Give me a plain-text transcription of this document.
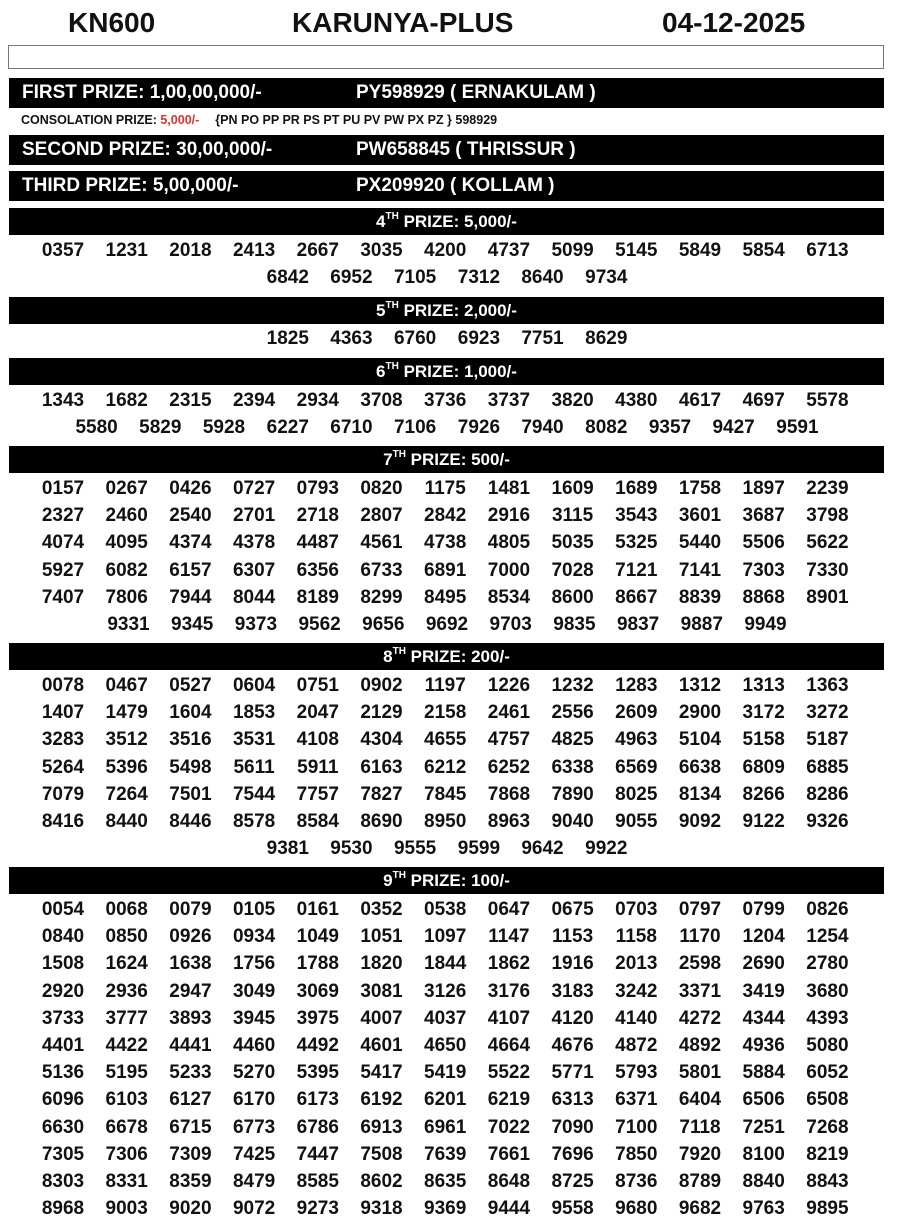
KN600	KARUNYA-PLUS	04-12-2025
FIRST PRIZE: 1,00,00,000/-	PY598929 ( ERNAKULAM )
CONSOLATION PRIZE: 5,000/- {PN PO PP PR PS PT PU PV PW PX PZ } 598929
SECOND PRIZE: 30,00,000/-	PW658845 ( THRISSUR )
THIRD PRIZE: 5,00,000/-	PX209920 ( KOLLAM )
4TH PRIZE: 5,000/-
0357	1231	2018	2413	2667	3035	4200	4737	5099	5145	5849	5854	6713
6842	6952	7105	7312	8640	9734
5TH PRIZE: 2,000/-
1825	4363	6760	6923	7751	8629
6TH PRIZE: 1,000/-
1343	1682	2315	2394	2934	3708	3736	3737	3820	4380	4617	4697	5578
5580	5829	5928	6227	6710	7106	7926	7940	8082	9357	9427	9591
7TH PRIZE: 500/-
0157	0267	0426	0727	0793	0820	1175	1481	1609	1689	1758	1897	2239
2327	2460	2540	2701	2718	2807	2842	2916	3115	3543	3601	3687	3798
4074	4095	4374	4378	4487	4561	4738	4805	5035	5325	5440	5506	5622
5927	6082	6157	6307	6356	6733	6891	7000	7028	7121	7141	7303	7330
7407	7806	7944	8044	8189	8299	8495	8534	8600	8667	8839	8868	8901
9331	9345	9373	9562	9656	9692	9703	9835	9837	9887	9949
8TH PRIZE: 200/-
0078	0467	0527	0604	0751	0902	1197	1226	1232	1283	1312	1313	1363
1407	1479	1604	1853	2047	2129	2158	2461	2556	2609	2900	3172	3272
3283	3512	3516	3531	4108	4304	4655	4757	4825	4963	5104	5158	5187
5264	5396	5498	5611	5911	6163	6212	6252	6338	6569	6638	6809	6885
7079	7264	7501	7544	7757	7827	7845	7868	7890	8025	8134	8266	8286
8416	8440	8446	8578	8584	8690	8950	8963	9040	9055	9092	9122	9326
9381	9530	9555	9599	9642	9922
9TH PRIZE: 100/-
0054	0068	0079	0105	0161	0352	0538	0647	0675	0703	0797	0799	0826
0840	0850	0926	0934	1049	1051	1097	1147	1153	1158	1170	1204	1254
1508	1624	1638	1756	1788	1820	1844	1862	1916	2013	2598	2690	2780
2920	2936	2947	3049	3069	3081	3126	3176	3183	3242	3371	3419	3680
3733	3777	3893	3945	3975	4007	4037	4107	4120	4140	4272	4344	4393
4401	4422	4441	4460	4492	4601	4650	4664	4676	4872	4892	4936	5080
5136	5195	5233	5270	5395	5417	5419	5522	5771	5793	5801	5884	6052
6096	6103	6127	6170	6173	6192	6201	6219	6313	6371	6404	6506	6508
6630	6678	6715	6773	6786	6913	6961	7022	7090	7100	7118	7251	7268
7305	7306	7309	7425	7447	7508	7639	7661	7696	7850	7920	8100	8219
8303	8331	8359	8479	8585	8602	8635	8648	8725	8736	8789	8840	8843
8968	9003	9020	9072	9273	9318	9369	9444	9558	9680	9682	9763	9895
